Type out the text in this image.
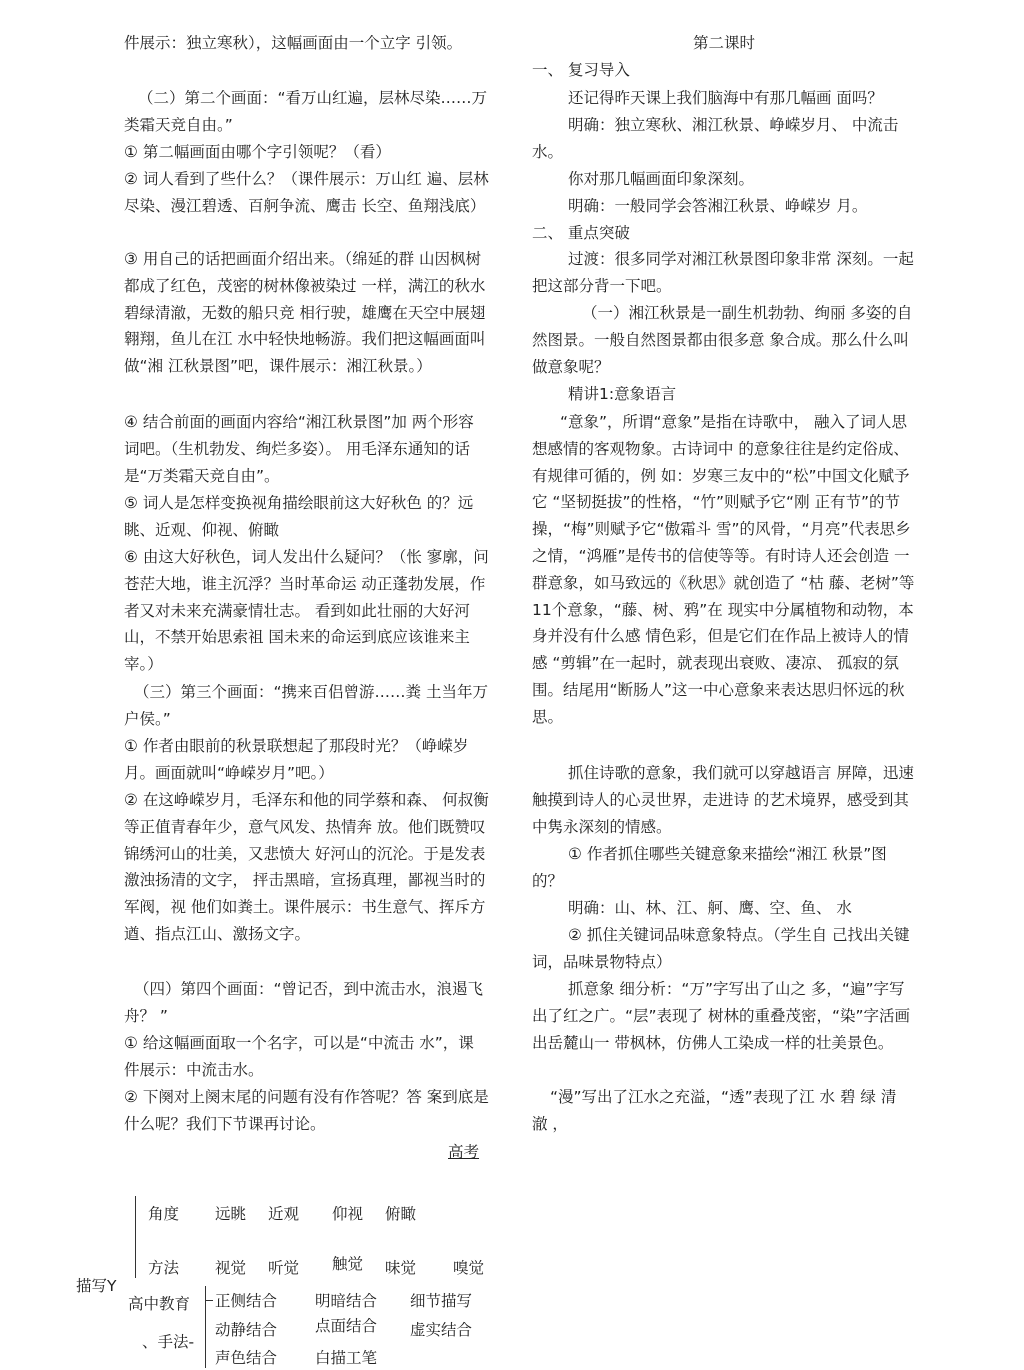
件展示：独立寒秋），这幅画面由一个立字 引领。

（二）第二个画面：“看万山红遍，层林尽染……万类霜天竞自由。”

① 第二幅画面由哪个字引领呢？（看）

② 词人看到了些什么？（课件展示：万山红 遍、层林尽染、漫江碧透、百舸争流、鹰击 长空、鱼翔浅底）

③ 用自己的话把画面介绍出来。（绵延的群 山因枫树都成了红色，茂密的树林像被染过 一样，满江的秋水碧绿清澈，无数的船只竞 相行驶，雄鹰在天空中展翅翱翔，鱼儿在江 水中轻快地畅游。我们把这幅画面叫做“湘 江秋景图”吧，课件展示：湘江秋景。）

④ 结合前面的画面内容给“湘江秋景图”加 两个形容词吧。（生机勃发、绚烂多姿）。 用毛泽东通知的话是“万类霜天竞自由”。

⑤ 词人是怎样变换视角描绘眼前这大好秋色 的？远眺、近观、仰视、俯瞰

⑥ 由这大好秋色，词人发出什么疑问？（怅 寥廓，问苍茫大地，谁主沉浮？当时革命运 动正蓬勃发展，作者又对未来充满豪情壮志。 看到如此壮丽的大好河山，不禁开始思索祖 国未来的命运到底应该谁来主宰。）

（三）第三个画面：“携来百侣曾游……粪 土当年万户侯。”

① 作者由眼前的秋景联想起了那段时光？（峥嵘岁月。画面就叫“峥嵘岁月”吧。）

② 在这峥嵘岁月，毛泽东和他的同学蔡和森、 何叔衡等正值青春年少，意气风发、热情奔 放。他们既赞叹锦绣河山的壮美，又悲愤大 好河山的沉沦。于是发表激浊扬清的文字， 抨击黑暗，宣扬真理，鄙视当时的军阀，视 他们如粪土。课件展示：书生意气、挥斥方 遒、指点江山、激扬文字。

（四）第四个画面：“曾记否，到中流击水，浪遏飞舟？ ”

① 给这幅画面取一个名字，可以是“中流击 水”，课件展示：中流击水。

② 下阕对上阕末尾的问题有没有作答呢？答 案到底是什么呢？我们下节课再讨论。

第二课时

一、 复习导入

还记得昨天课上我们脑海中有那几幅画 面吗？

明确：独立寒秋、湘江秋景、峥嵘岁月、 中流击水。

你对那几幅画面印象深刻。

明确：一般同学会答湘江秋景、峥嵘岁 月。

二、 重点突破

过渡：很多同学对湘江秋景图印象非常 深刻。一起把这部分背一下吧。

（一）湘江秋景是一副生机勃勃、绚丽 多姿的自然图景。一般自然图景都由很多意 象合成。那么什么叫做意象呢？

精讲1:意象语言

“意象”，所谓“意象”是指在诗歌中， 融入了词人思想感情的客观物象。古诗词中 的意象往往是约定俗成、有规律可循的，例 如：岁寒三友中的“松”中国文化赋予它 “坚韧挺拔”的性格，“竹”则赋予它“刚 正有节”的节操，“梅”则赋予它“傲霜斗 雪”的风骨，“月亮”代表思乡之情，“鸿雁”是传书的信使等等。有时诗人还会创造 一群意象，如马致远的《秋思》就创造了 “枯 藤、老树”等11个意象，“藤、树、鸦”在 现实中分属植物和动物，本身并没有什么感 情色彩，但是它们在作品上被诗人的情感 “剪辑”在一起时，就表现出衰败、凄凉、 孤寂的氛围。结尾用“断肠人”这一中心意象来表达思归怀远的秋思。

抓住诗歌的意象，我们就可以穿越语言 屏障，迅速触摸到诗人的心灵世界，走进诗 的艺术境界，感受到其中隽永深刻的情感。

① 作者抓住哪些关键意象来描绘“湘江 秋景”图的？

明确：山、林、江、舸、鹰、空、鱼、 水

② 抓住关键词品味意象特点。（学生自 己找出关键词，品味景物特点）

抓意象 细分析：“万”字写出了山之 多，“遍”字写出了红之广。“层”表现了 树林的重叠茂密，“染”字活画出岳麓山一 带枫林，仿佛人工染成一样的壮美景色。

“漫”写出了江水之充溢，“透”表现了江 水 碧 绿 清 澈 ，

高考
描写Y
角度 远眺 近观 仰视 俯瞰
方法 视觉 听觉 触觉 味觉 嗅觉
高中教育
、手法-
正侧结合 明暗结合 细节描写
动静结合 点面结合 虚实结合
声色结合 白描工笔
